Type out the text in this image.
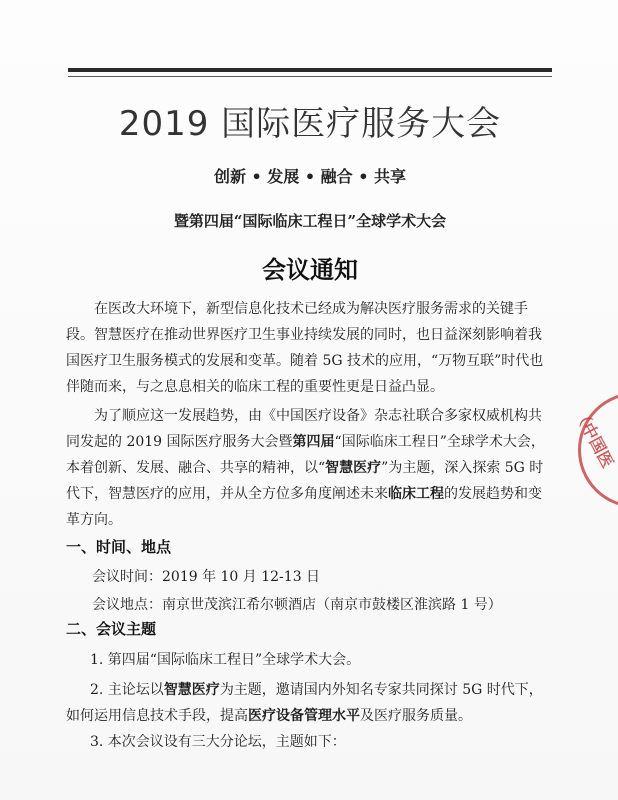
2019 国际医疗服务大会
创新 • 发展 • 融合 • 共享
暨第四届“国际临床工程日”全球学术大会
会议通知

在医改大环境下，新型信息化技术已经成为解决医疗服务需求的关键手段。智慧医疗在推动世界医疗卫生事业持续发展的同时，也日益深刻影响着我国医疗卫生服务模式的发展和变革。随着 5G 技术的应用，“万物互联”时代也伴随而来，与之息息相关的临床工程的重要性更是日益凸显。

为了顺应这一发展趋势，由《中国医疗设备》杂志社联合多家权威机构共同发起的 2019 国际医疗服务大会暨第四届“国际临床工程日”全球学术大会，本着创新、发展、融合、共享的精神，以“智慧医疗”为主题，深入探索 5G 时代下，智慧医疗的应用，并从全方位多角度阐述未来临床工程的发展趋势和变革方向。

一、时间、地点
会议时间：2019 年 10 月 12-13 日
会议地点：南京世茂滨江希尔顿酒店（南京市鼓楼区淮滨路 1 号）
二、会议主题

1. 第四届“国际临床工程日”全球学术大会。

2. 主论坛以智慧医疗为主题，邀请国内外知名专家共同探讨 5G 时代下，如何运用信息技术手段，提高医疗设备管理水平及医疗服务质量。

3. 本次会议设有三大分论坛，主题如下：

（中国医
